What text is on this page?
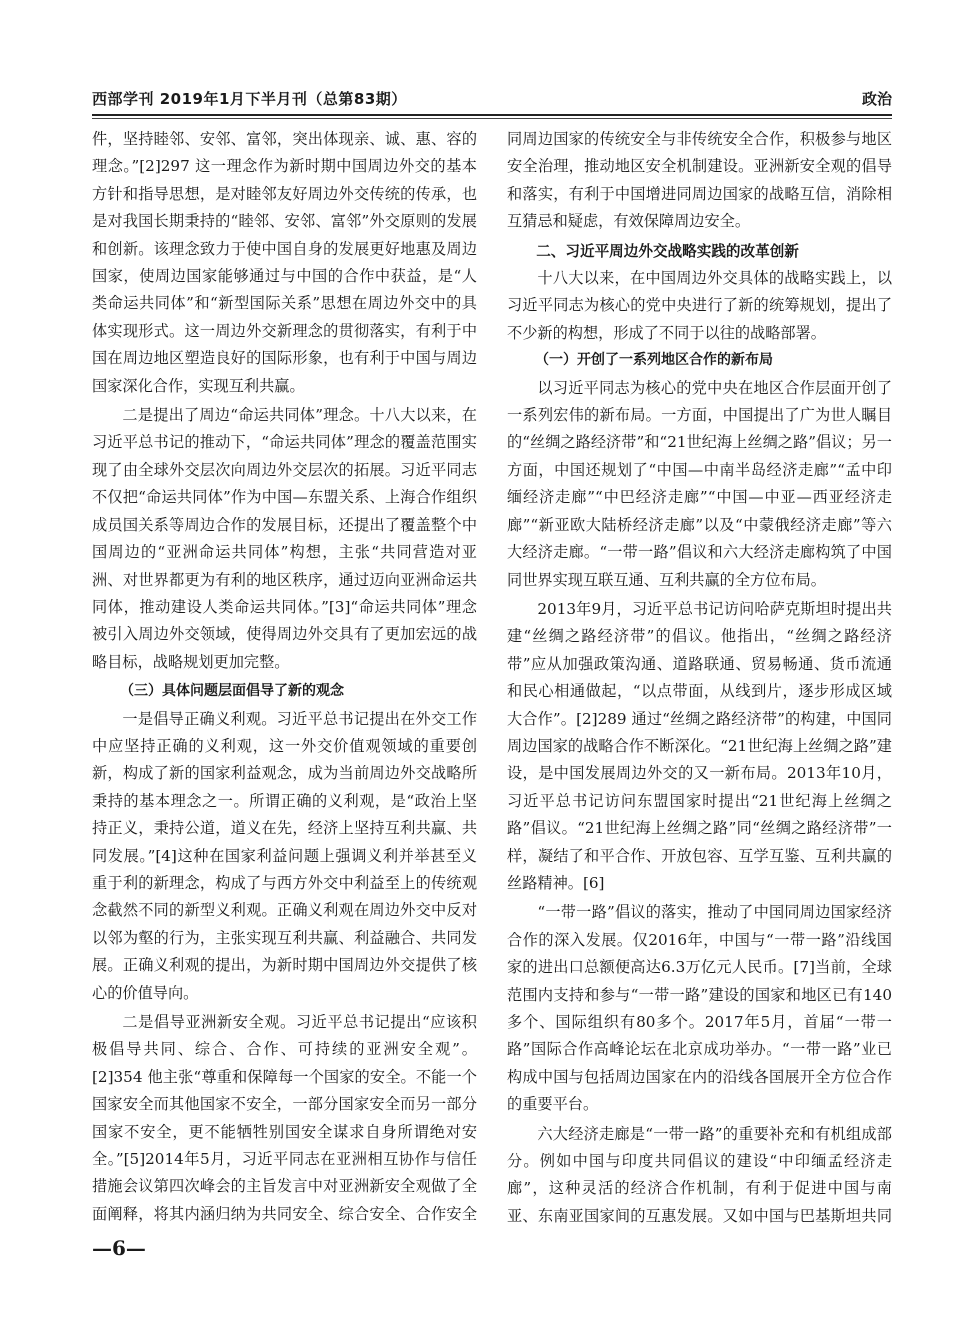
西部学刊 2019年1月下半月刊（总第83期）	政治

件，坚持睦邻、安邻、富邻，突出体现亲、诚、惠、容的理念。”[2]297 这一理念作为新时期中国周边外交的基本方针和指导思想，是对睦邻友好周边外交传统的传承，也是对我国长期秉持的“睦邻、安邻、富邻”外交原则的发展和创新。该理念致力于使中国自身的发展更好地惠及周边国家，使周边国家能够通过与中国的合作中获益，是“人类命运共同体”和“新型国际关系”思想在周边外交中的具体实现形式。这一周边外交新理念的贯彻落实，有利于中国在周边地区塑造良好的国际形象，也有利于中国与周边国家深化合作，实现互利共赢。

二是提出了周边“命运共同体”理念。十八大以来，在习近平总书记的推动下，“命运共同体”理念的覆盖范围实现了由全球外交层次向周边外交层次的拓展。习近平同志不仅把“命运共同体”作为中国—东盟关系、上海合作组织成员国关系等周边合作的发展目标，还提出了覆盖整个中国周边的“亚洲命运共同体”构想，主张“共同营造对亚洲、对世界都更为有利的地区秩序，通过迈向亚洲命运共同体，推动建设人类命运共同体。”[3]“命运共同体”理念被引入周边外交领域，使得周边外交具有了更加宏远的战略目标，战略规划更加完整。

（三）具体问题层面倡导了新的观念

一是倡导正确义利观。习近平总书记提出在外交工作中应坚持正确的义利观，这一外交价值观领域的重要创新，构成了新的国家利益观念，成为当前周边外交战略所秉持的基本理念之一。所谓正确的义利观，是“政治上坚持正义，秉持公道，道义在先，经济上坚持互利共赢、共同发展。”[4]这种在国家利益问题上强调义利并举甚至义重于利的新理念，构成了与西方外交中利益至上的传统观念截然不同的新型义利观。正确义利观在周边外交中反对以邻为壑的行为，主张实现互利共赢、利益融合、共同发展。正确义利观的提出，为新时期中国周边外交提供了核心的价值导向。

二是倡导亚洲新安全观。习近平总书记提出“应该积极倡导共同、综合、合作、可持续的亚洲安全观”。[2]354 他主张“尊重和保障每一个国家的安全。不能一个国家安全而其他国家不安全，一部分国家安全而另一部分国家不安全，更不能牺牲别国安全谋求自身所谓绝对安全。”[5]2014年5月，习近平同志在亚洲相互协作与信任措施会议第四次峰会的主旨发言中对亚洲新安全观做了全面阐释，将其内涵归纳为共同安全、综合安全、合作安全

同周边国家的传统安全与非传统安全合作，积极参与地区安全治理，推动地区安全机制建设。亚洲新安全观的倡导和落实，有利于中国增进同周边国家的战略互信，消除相互猜忌和疑虑，有效保障周边安全。

二、习近平周边外交战略实践的改革创新

十八大以来，在中国周边外交具体的战略实践上，以习近平同志为核心的党中央进行了新的统筹规划，提出了不少新的构想，形成了不同于以往的战略部署。

（一）开创了一系列地区合作的新布局

以习近平同志为核心的党中央在地区合作层面开创了一系列宏伟的新布局。一方面，中国提出了广为世人瞩目的“丝绸之路经济带”和“21世纪海上丝绸之路”倡议；另一方面，中国还规划了“中国—中南半岛经济走廊”“孟中印缅经济走廊”“中巴经济走廊”“中国—中亚—西亚经济走廊”“新亚欧大陆桥经济走廊”以及“中蒙俄经济走廊”等六大经济走廊。“一带一路”倡议和六大经济走廊构筑了中国同世界实现互联互通、互利共赢的全方位布局。

2013年9月，习近平总书记访问哈萨克斯坦时提出共建“丝绸之路经济带”的倡议。他指出，“丝绸之路经济带”应从加强政策沟通、道路联通、贸易畅通、货币流通和民心相通做起，“以点带面，从线到片，逐步形成区域大合作”。[2]289 通过“丝绸之路经济带”的构建，中国同周边国家的战略合作不断深化。“21世纪海上丝绸之路”建设，是中国发展周边外交的又一新布局。2013年10月，习近平总书记访问东盟国家时提出“21世纪海上丝绸之路”倡议。“21世纪海上丝绸之路”同“丝绸之路经济带”一样，凝结了和平合作、开放包容、互学互鉴、互利共赢的丝路精神。[6]

“一带一路”倡议的落实，推动了中国同周边国家经济合作的深入发展。仅2016年，中国与“一带一路”沿线国家的进出口总额便高达6.3万亿元人民币。[7]当前，全球范围内支持和参与“一带一路”建设的国家和地区已有140多个、国际组织有80多个。2017年5月，首届“一带一路”国际合作高峰论坛在北京成功举办。“一带一路”业已构成中国与包括周边国家在内的沿线各国展开全方位合作的重要平台。

六大经济走廊是“一带一路”的重要补充和有机组成部分。例如中国与印度共同倡议的建设“中印缅孟经济走廊”，这种灵活的经济合作机制，有利于促进中国与南亚、东南亚国家间的互惠发展。又如中国与巴基斯坦共同

—6—
